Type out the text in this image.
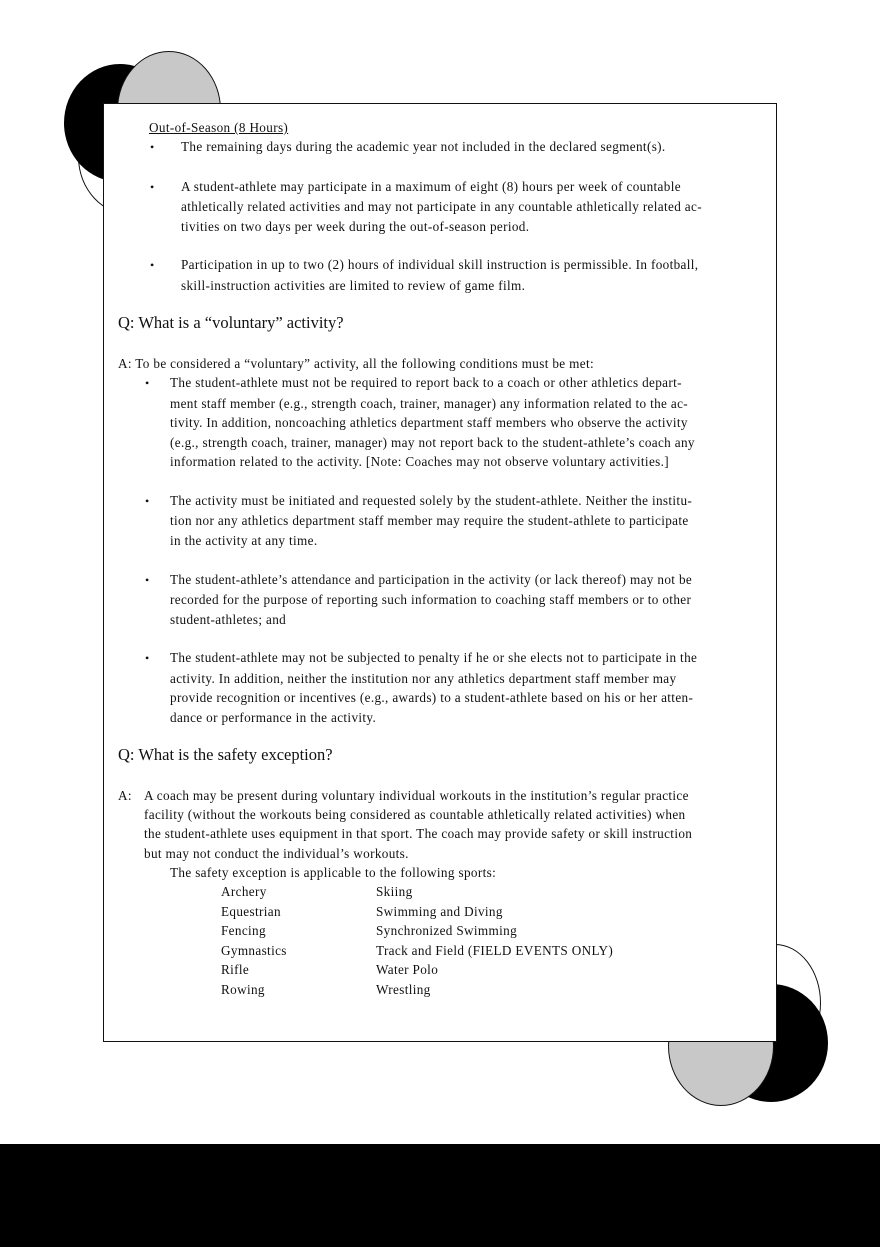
Out-of-Season (8 Hours)
• The remaining days during the academic year not included in the declared segment(s).
• A student-athlete may participate in a maximum of eight (8) hours per week of countable
athletically related activities and may not participate in any countable athletically related ac-
tivities on two days per week during the out-of-season period.
• Participation in up to two (2) hours of individual skill instruction is permissible. In football,
skill-instruction activities are limited to review of game film.
Q: What is a “voluntary” activity?
A: To be considered a “voluntary” activity, all the following conditions must be met:
• The student-athlete must not be required to report back to a coach or other athletics depart-
ment staff member (e.g., strength coach, trainer, manager) any information related to the ac-
tivity. In addition, noncoaching athletics department staff members who observe the activity
(e.g., strength coach, trainer, manager) may not report back to the student-athlete’s coach any
information related to the activity. [Note: Coaches may not observe voluntary activities.]
• The activity must be initiated and requested solely by the student-athlete. Neither the institu-
tion nor any athletics department staff member may require the student-athlete to participate
in the activity at any time.
• The student-athlete’s attendance and participation in the activity (or lack thereof) may not be
recorded for the purpose of reporting such information to coaching staff members or to other
student-athletes; and
• The student-athlete may not be subjected to penalty if he or she elects not to participate in the
activity. In addition, neither the institution nor any athletics department staff member may
provide recognition or incentives (e.g., awards) to a student-athlete based on his or her atten-
dance or performance in the activity.
Q: What is the safety exception?
A: A coach may be present during voluntary individual workouts in the institution’s regular practice
facility (without the workouts being considered as countable athletically related activities) when
the student-athlete uses equipment in that sport. The coach may provide safety or skill instruction
but may not conduct the individual’s workouts.
The safety exception is applicable to the following sports:
Archery
Equestrian
Fencing
Gymnastics
Rifle
Rowing
Skiing
Swimming and Diving
Synchronized Swimming
Track and Field (FIELD EVENTS ONLY)
Water Polo
Wrestling
